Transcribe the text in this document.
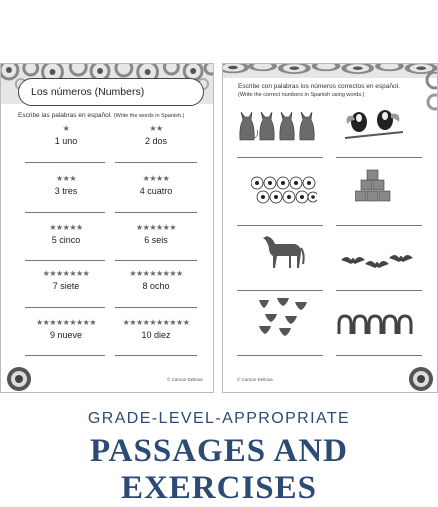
Los números (Numbers)
Escribe las palabras en español. (Write the words in Spanish.)
★
1 uno
★★
2 dos
★★★
3 tres
★★★★
4 cuatro
★★★★★
5 cinco
★★★★★★
6 seis
★★★★★★★
7 siete
★★★★★★★★
8 ocho
★★★★★★★★★
9 nueve
★★★★★★★★★★
10 diez
© Carson-Dellosa
Escribe con palabras los números correctos en español.
(Write the correct numbers in Spanish using words.)
© Carson-Dellosa
GRADE-LEVEL-APPROPRIATE
PASSAGES AND EXERCISES
